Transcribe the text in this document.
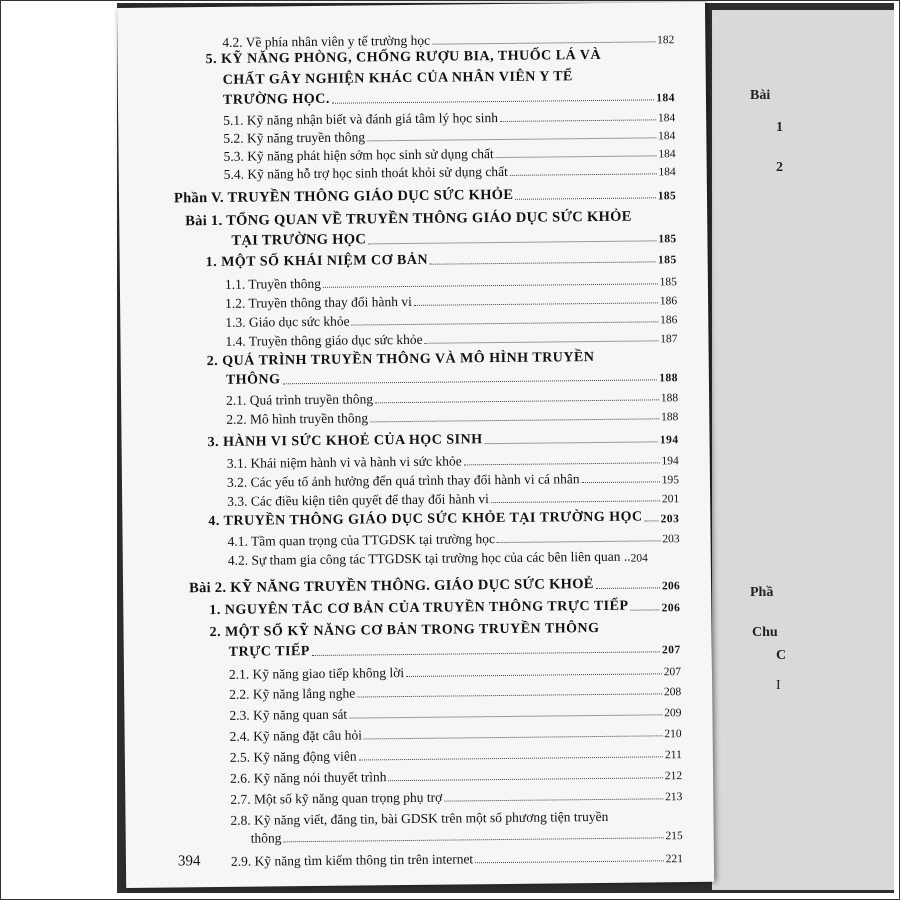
Bài
1
2
Phầ
Chu
C
I
4.2. Về phía nhân viên y tế trường học	182
5. KỸ NĂNG PHÒNG, CHỐNG RƯỢU BIA, THUỐC LÁ VÀ
CHẤT GÂY NGHIỆN KHÁC CỦA NHÂN VIÊN Y TẾ
TRƯỜNG HỌC.	184
5.1. Kỹ năng nhận biết và đánh giá tâm lý học sinh	184
5.2. Kỹ năng truyền thông	184
5.3. Kỹ năng phát hiện sớm học sinh sử dụng chất	184
5.4. Kỹ năng hỗ trợ học sinh thoát khỏi sử dụng chất	184
Phần V. TRUYỀN THÔNG GIÁO DỤC SỨC KHỎE	185
Bài 1. TỔNG QUAN VỀ TRUYỀN THÔNG GIÁO DỤC SỨC KHỎE
TẠI TRƯỜNG HỌC	185
1. MỘT SỐ KHÁI NIỆM CƠ BẢN	185
1.1. Truyền thông	185
1.2. Truyền thông thay đổi hành vi	186
1.3. Giáo dục sức khỏe	186
1.4. Truyền thông giáo dục sức khỏe	187
2. QUÁ TRÌNH TRUYỀN THÔNG VÀ MÔ HÌNH TRUYỀN
THÔNG	188
2.1. Quá trình truyền thông	188
2.2. Mô hình truyền thông	188
3. HÀNH VI SỨC KHOẺ CỦA HỌC SINH	194
3.1. Khái niệm hành vi và hành vi sức khỏe	194
3.2. Các yếu tố ảnh hưởng đến quá trình thay đổi hành vi cá nhân	195
3.3. Các điều kiện tiên quyết để thay đổi hành vi	201
4. TRUYỀN THÔNG GIÁO DỤC SỨC KHỎE TẠI TRƯỜNG HỌC 203
4.1. Tầm quan trọng của TTGDSK tại trường học	203
4.2. Sự tham gia công tác TTGDSK tại trường học của các bên liên quan .. 204
Bài 2. KỸ NĂNG TRUYỀN THÔNG. GIÁO DỤC SỨC KHOẺ	206
1. NGUYÊN TẮC CƠ BẢN CỦA TRUYỀN THÔNG TRỰC TIẾP	206
2. MỘT SỐ KỸ NĂNG CƠ BẢN TRONG TRUYỀN THÔNG
TRỰC TIẾP	207
2.1. Kỹ năng giao tiếp không lời	207
2.2. Kỹ năng lắng nghe	208
2.3. Kỹ năng quan sát	209
2.4. Kỹ năng đặt câu hỏi	210
2.5. Kỹ năng động viên	211
2.6. Kỹ năng nói thuyết trình	212
2.7. Một số kỹ năng quan trọng phụ trợ	213
2.8. Kỹ năng viết, đăng tin, bài GDSK trên một số phương tiện truyền
thông	215
2.9. Kỹ năng tìm kiếm thông tin trên internet	221
394
